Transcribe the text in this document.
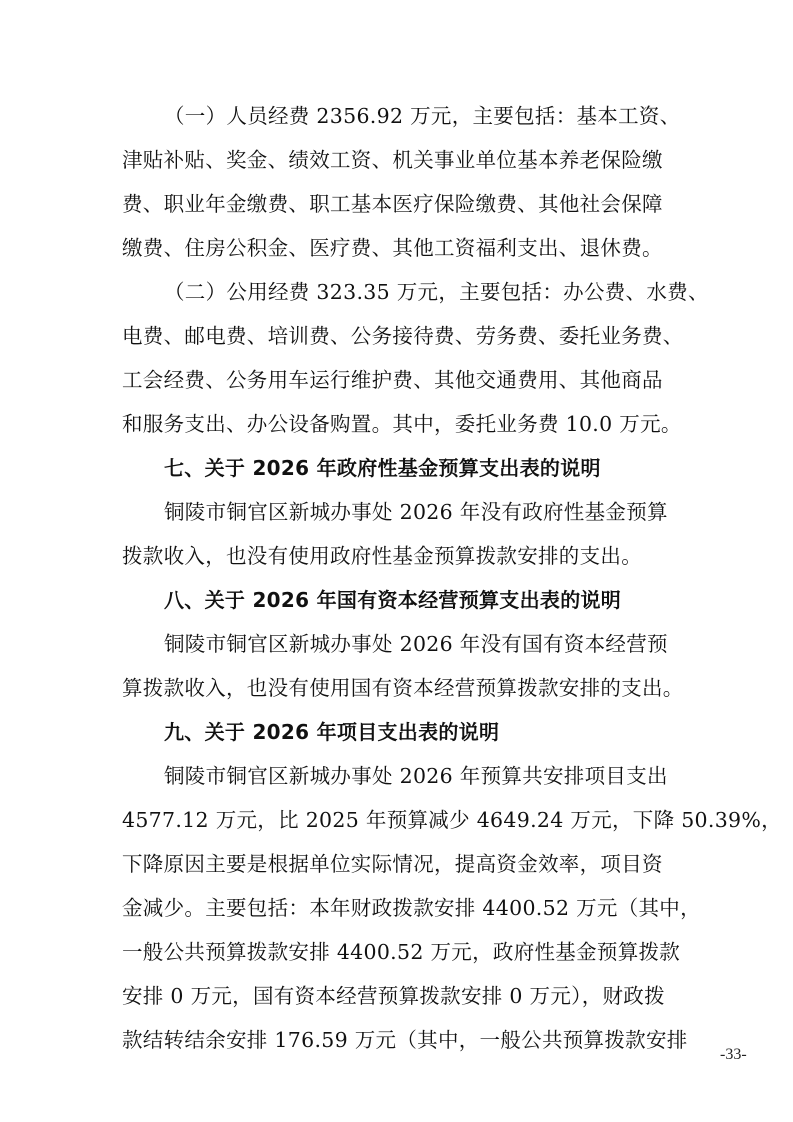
（一）人员经费 2356.92 万元，主要包括：基本工资、
津贴补贴、奖金、绩效工资、机关事业单位基本养老保险缴
费、职业年金缴费、职工基本医疗保险缴费、其他社会保障
缴费、住房公积金、医疗费、其他工资福利支出、退休费。
（二）公用经费 323.35 万元，主要包括：办公费、水费、
电费、邮电费、培训费、公务接待费、劳务费、委托业务费、
工会经费、公务用车运行维护费、其他交通费用、其他商品
和服务支出、办公设备购置。其中，委托业务费 10.0 万元。
七、关于 2026 年政府性基金预算支出表的说明
铜陵市铜官区新城办事处 2026 年没有政府性基金预算
拨款收入，也没有使用政府性基金预算拨款安排的支出。
八、关于 2026 年国有资本经营预算支出表的说明
铜陵市铜官区新城办事处 2026 年没有国有资本经营预
算拨款收入，也没有使用国有资本经营预算拨款安排的支出。
九、关于 2026 年项目支出表的说明
铜陵市铜官区新城办事处 2026 年预算共安排项目支出
4577.12 万元，比 2025 年预算减少 4649.24 万元，下降 50.39%，
下降原因主要是根据单位实际情况，提高资金效率，项目资
金减少。主要包括：本年财政拨款安排 4400.52 万元（其中，
一般公共预算拨款安排 4400.52 万元，政府性基金预算拨款
安排 0 万元，国有资本经营预算拨款安排 0 万元），财政拨
款结转结余安排 176.59 万元（其中，一般公共预算拨款安排
-33-
